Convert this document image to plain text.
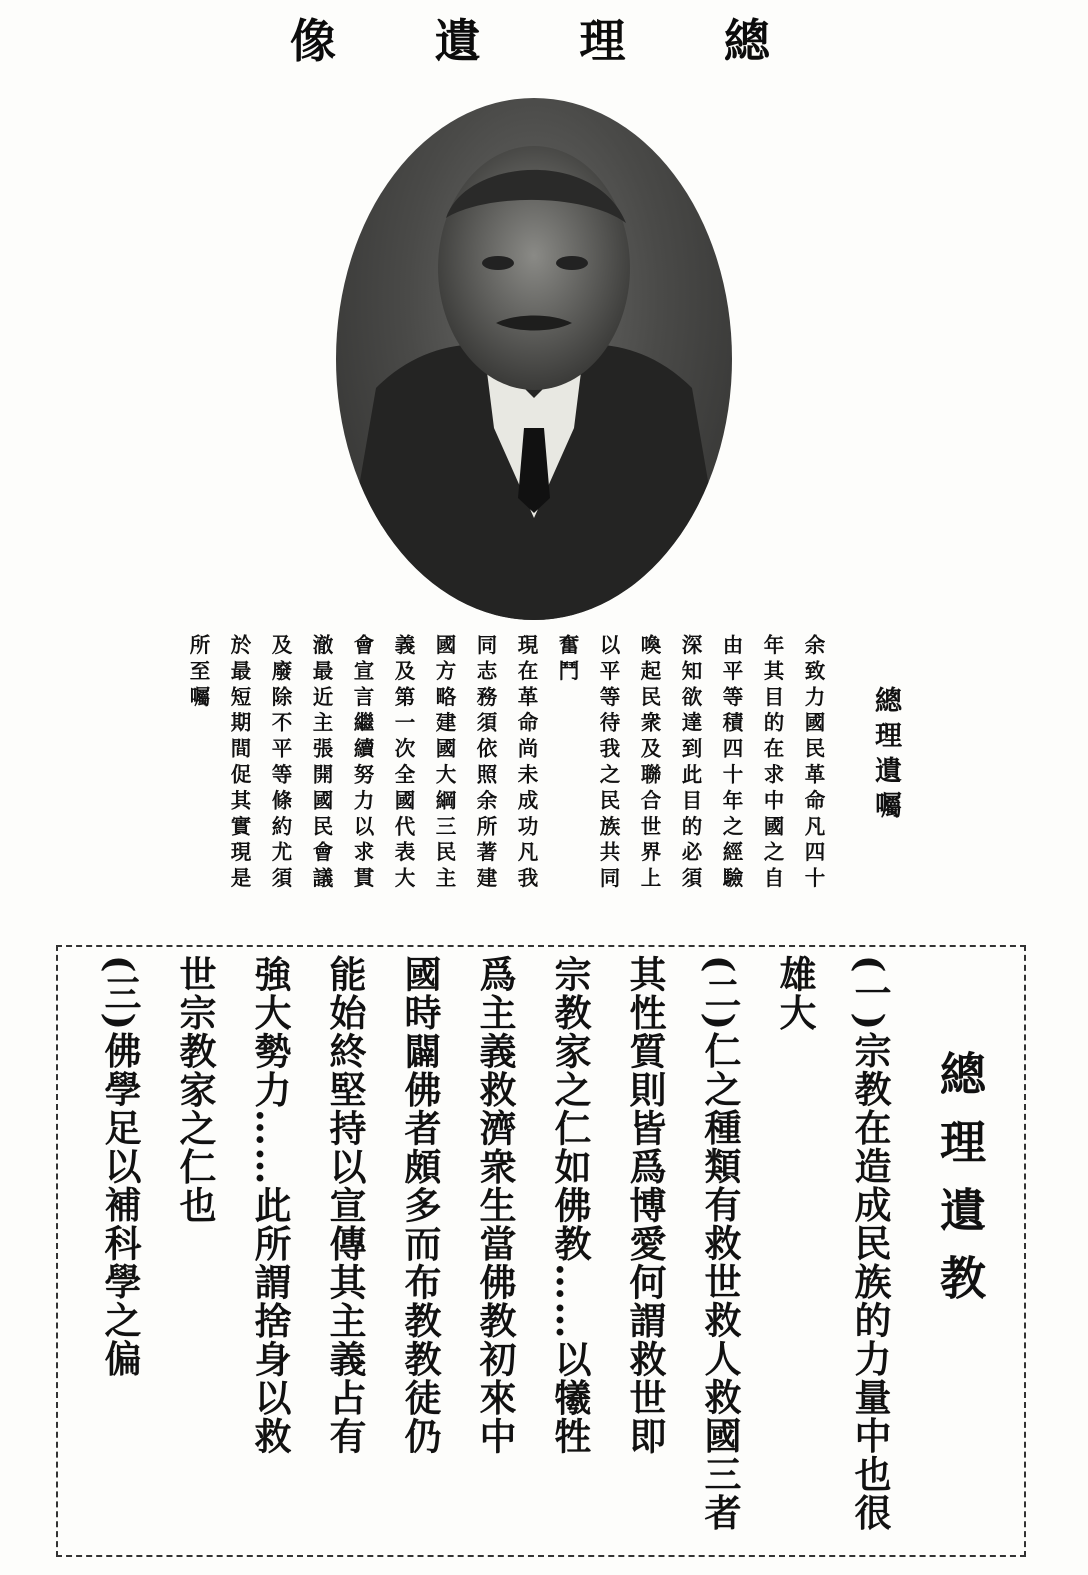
總
理
遺
像
總理遺囑
余致力國民革命凡四十
年其目的在求中國之自
由平等積四十年之經驗
深知欲達到此目的必須
喚起民衆及聯合世界上
以平等待我之民族共同
奮鬥
現在革命尚未成功凡我
同志務須依照余所著建
國方略建國大綱三民主
義及第一次全國代表大
會宣言繼續努力以求貫
澈最近主張開國民會議
及廢除不平等條約尤須
於最短期間促其實現是
所至囑
總理遺教
(一)宗教在造成民族的力量中也很
雄大
(二)仁之種類有救世救人救國三者
其性質則皆爲博愛何謂救世即
宗教家之仁如佛教……以犧牲
爲主義救濟衆生當佛教初來中
國時闢佛者頗多而布教教徒仍
能始終堅持以宣傳其主義占有
強大勢力……此所謂捨身以救
世宗教家之仁也
(三)佛學足以補科學之偏
